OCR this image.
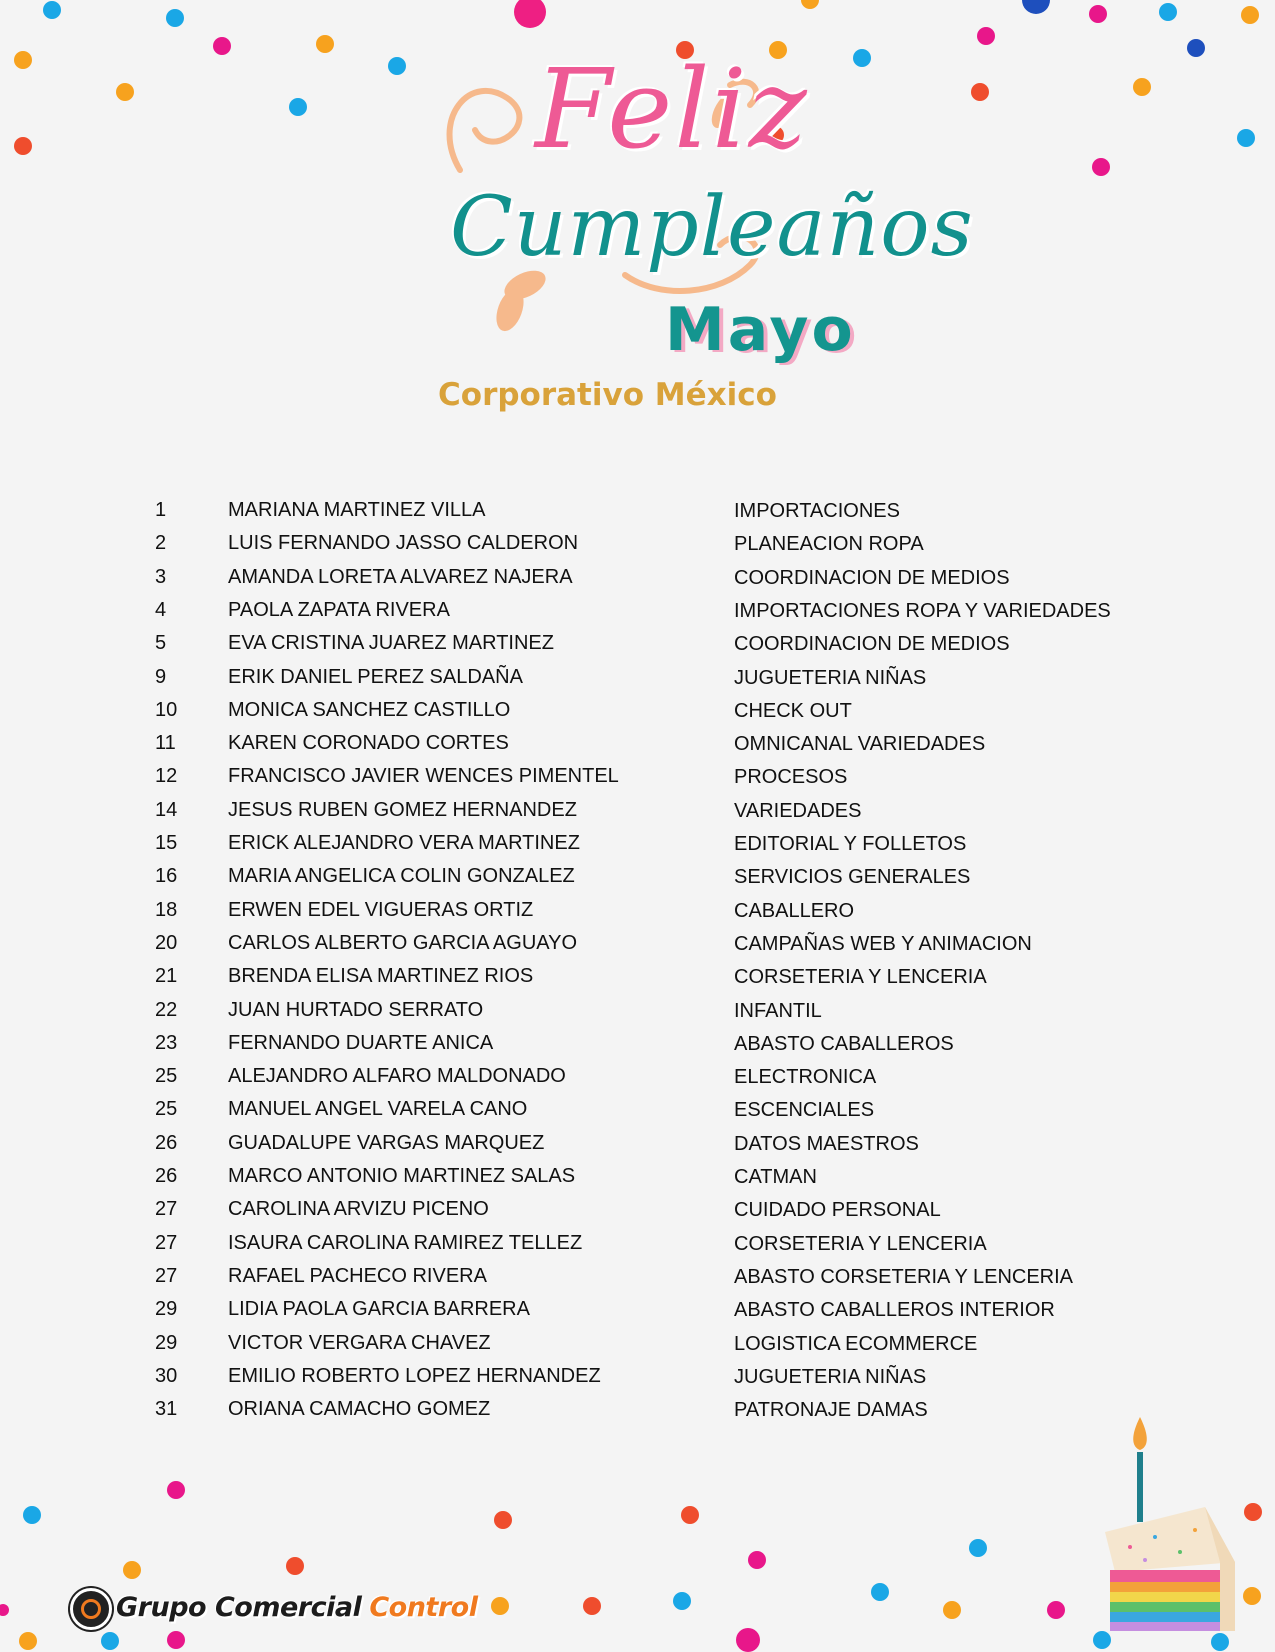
Feliz
Cumpleaños
Mayo
Corporativo México
1	MARIANA MARTINEZ VILLA	IMPORTACIONES
2	LUIS FERNANDO JASSO CALDERON	PLANEACION ROPA
3	AMANDA LORETA ALVAREZ NAJERA	COORDINACION DE MEDIOS
4	PAOLA ZAPATA RIVERA	IMPORTACIONES ROPA Y VARIEDADES
5	EVA CRISTINA JUAREZ MARTINEZ	COORDINACION DE MEDIOS
9	ERIK DANIEL PEREZ SALDAÑA	JUGUETERIA NIÑAS
10	MONICA SANCHEZ CASTILLO	CHECK OUT
11	KAREN CORONADO CORTES	OMNICANAL VARIEDADES
12	FRANCISCO JAVIER WENCES PIMENTEL	PROCESOS
14	JESUS RUBEN GOMEZ HERNANDEZ	VARIEDADES
15	ERICK ALEJANDRO VERA MARTINEZ	EDITORIAL Y FOLLETOS
16	MARIA ANGELICA COLIN GONZALEZ	SERVICIOS GENERALES
18	ERWEN EDEL VIGUERAS ORTIZ	CABALLERO
20	CARLOS ALBERTO GARCIA AGUAYO	CAMPAÑAS WEB Y ANIMACION
21	BRENDA ELISA MARTINEZ RIOS	CORSETERIA Y LENCERIA
22	JUAN HURTADO SERRATO	INFANTIL
23	FERNANDO DUARTE ANICA	ABASTO CABALLEROS
25	ALEJANDRO ALFARO MALDONADO	ELECTRONICA
25	MANUEL ANGEL VARELA CANO	ESCENCIALES
26	GUADALUPE VARGAS MARQUEZ	DATOS MAESTROS
26	MARCO ANTONIO MARTINEZ SALAS	CATMAN
27	CAROLINA ARVIZU PICENO	CUIDADO PERSONAL
27	ISAURA CAROLINA RAMIREZ TELLEZ	CORSETERIA Y LENCERIA
27	RAFAEL PACHECO RIVERA	ABASTO CORSETERIA Y LENCERIA
29	LIDIA PAOLA GARCIA BARRERA	ABASTO CABALLEROS INTERIOR
29	VICTOR VERGARA CHAVEZ	LOGISTICA ECOMMERCE
30	EMILIO ROBERTO LOPEZ HERNANDEZ	JUGUETERIA NIÑAS
31	ORIANA CAMACHO GOMEZ	PATRONAJE DAMAS
Grupo Comercial Control
